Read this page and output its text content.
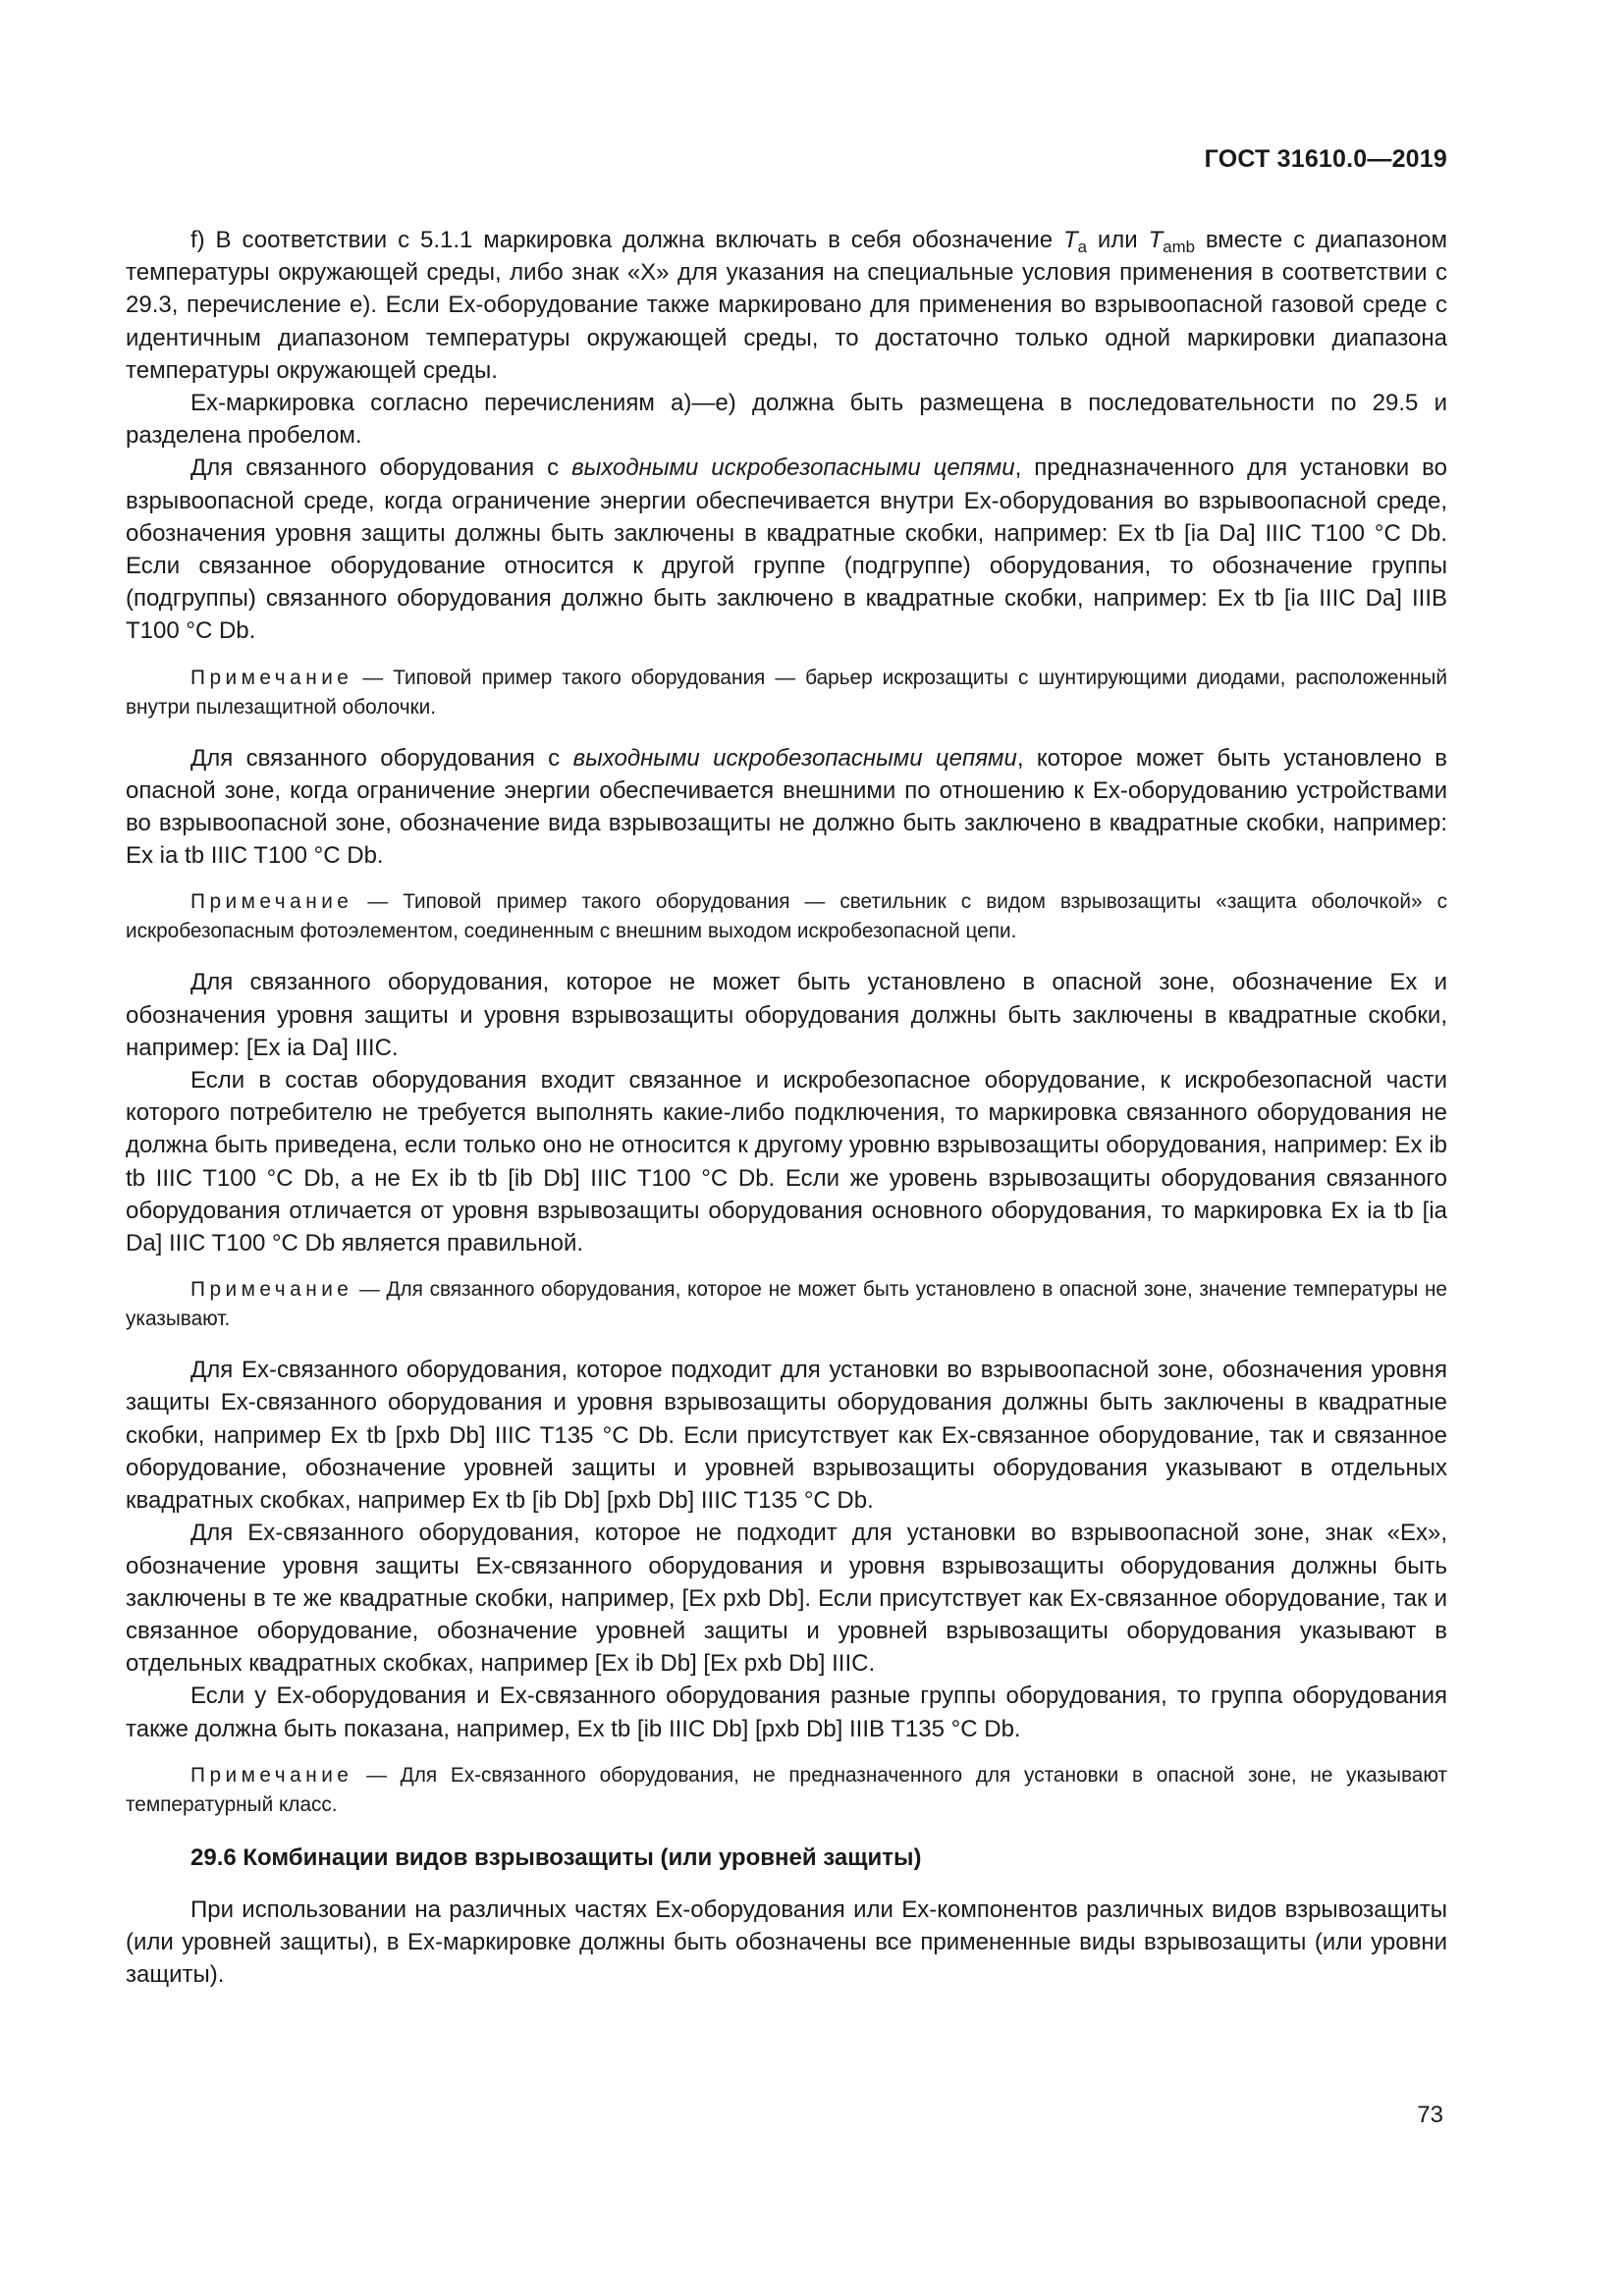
ГОСТ 31610.0—2019

f) В соответствии с 5.1.1 маркировка должна включать в себя обозначение $T_a$ или $T_{amb}$ вместе с диапазоном температуры окружающей среды, либо знак «Х» для указания на специальные условия применения в соответствии с 29.3, перечисление е). Если Ex-оборудование также маркировано для применения во взрывоопасной газовой среде с идентичным диапазоном температуры окружающей среды, то достаточно только одной маркировки диапазона температуры окружающей среды.

Ex-маркировка согласно перечислениям а)—е) должна быть размещена в последовательности по 29.5 и разделена пробелом.

Для связанного оборудования с выходными искробезопасными цепями, предназначенного для установки во взрывоопасной среде, когда ограничение энергии обеспечивается внутри Ex-оборудования во взрывоопасной среде, обозначения уровня защиты должны быть заключены в квадратные скобки, например: Ex tb [ia Da] IIIC T100 °C Db. Если связанное оборудование относится к другой группе (подгруппе) оборудования, то обозначение группы (подгруппы) связанного оборудования должно быть заключено в квадратные скобки, например: Ex tb [ia IIIC Da] IIIB T100 °C Db.

Примечание — Типовой пример такого оборудования — барьер искрозащиты с шунтирующими диодами, расположенный внутри пылезащитной оболочки.

Для связанного оборудования с выходными искробезопасными цепями, которое может быть установлено в опасной зоне, когда ограничение энергии обеспечивается внешними по отношению к Ex-оборудованию устройствами во взрывоопасной зоне, обозначение вида взрывозащиты не должно быть заключено в квадратные скобки, например: Ex ia tb IIIC T100 °C Db.

Примечание — Типовой пример такого оборудования — светильник с видом взрывозащиты «защита оболочкой» с искробезопасным фотоэлементом, соединенным с внешним выходом искробезопасной цепи.

Для связанного оборудования, которое не может быть установлено в опасной зоне, обозначение Ex и обозначения уровня защиты и уровня взрывозащиты оборудования должны быть заключены в квадратные скобки, например: [Ex ia Da] IIIC.

Если в состав оборудования входит связанное и искробезопасное оборудование, к искробезопасной части которого потребителю не требуется выполнять какие-либо подключения, то маркировка связанного оборудования не должна быть приведена, если только оно не относится к другому уровню взрывозащиты оборудования, например: Ex ib tb IIIC T100 °C Db, а не Ex ib tb [ib Db] IIIC T100 °C Db. Если же уровень взрывозащиты оборудования связанного оборудования отличается от уровня взрывозащиты оборудования основного оборудования, то маркировка Ex ia tb [ia Da] IIIC T100 °C Db является правильной.

Примечание — Для связанного оборудования, которое не может быть установлено в опасной зоне, значение температуры не указывают.

Для Ex-связанного оборудования, которое подходит для установки во взрывоопасной зоне, обозначения уровня защиты Ex-связанного оборудования и уровня взрывозащиты оборудования должны быть заключены в квадратные скобки, например Ex tb [pxb Db] IIIC T135 °C Db. Если присутствует как Ex-связанное оборудование, так и связанное оборудование, обозначение уровней защиты и уровней взрывозащиты оборудования указывают в отдельных квадратных скобках, например Ex tb [ib Db] [pxb Db] IIIC T135 °C Db.

Для Ex-связанного оборудования, которое не подходит для установки во взрывоопасной зоне, знак «Ex», обозначение уровня защиты Ex-связанного оборудования и уровня взрывозащиты оборудования должны быть заключены в те же квадратные скобки, например, [Ex pxb Db]. Если присутствует как Ex-связанное оборудование, так и связанное оборудование, обозначение уровней защиты и уровней взрывозащиты оборудования указывают в отдельных квадратных скобках, например [Ex ib Db] [Ex pxb Db] IIIC.

Если у Ex-оборудования и Ex-связанного оборудования разные группы оборудования, то группа оборудования также должна быть показана, например, Ex tb [ib IIIC Db] [pxb Db] IIIB T135 °C Db.

Примечание — Для Ex-связанного оборудования, не предназначенного для установки в опасной зоне, не указывают температурный класс.

29.6 Комбинации видов взрывозащиты (или уровней защиты)

При использовании на различных частях Ex-оборудования или Ex-компонентов различных видов взрывозащиты (или уровней защиты), в Ex-маркировке должны быть обозначены все примененные виды взрывозащиты (или уровни защиты).

73
